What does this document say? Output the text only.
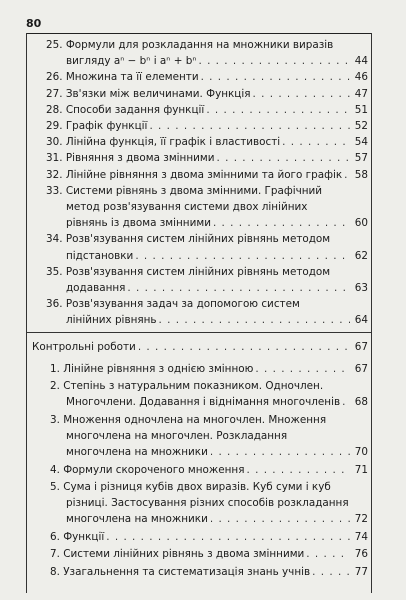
80
25. Формули для розкладання на множники виразів
вигляду aⁿ − bⁿ і aⁿ + bⁿ . . .	44
26. Множина та її елементи . . .	46
27. Зв'язки між величинами. Функція . . .	47
28. Способи задання функції . . .	51
29. Графік функції . . .	52
30. Лінійна функція, її графік і властивості . . .	54
31. Рівняння з двома змінними . . .	57
32. Лінійне рівняння з двома змінними та його графік . . . 58
33. Системи рівнянь з двома змінними. Графічний
метод розв'язування системи двох лінійних
рівнянь із двома змінними . . .	60
34. Розв'язування систем лінійних рівнянь методом
підстановки . . .	62
35. Розв'язування систем лінійних рівнянь методом
додавання . . .	63
36. Розв'язування задач за допомогою систем
лінійних рівнянь . . .	64
Контрольні роботи . . .	67
1. Лінійне рівняння з однією змінною . . .	67
2. Степінь з натуральним показником. Одночлен.
Многочлени. Додавання і віднімання многочленів . . . 68
3. Множення одночлена на многочлен. Множення
многочлена на многочлен. Розкладання
многочлена на множники . . .	70
4. Формули скороченого множення . . .	71
5. Сума і різниця кубів двох виразів. Куб суми і куб
різниці. Застосування різних способів розкладання
многочлена на множники . . .	72
6. Функції . . .	74
7. Системи лінійних рівнянь з двома змінними . . .	76
8. Узагальнення та систематизація знань учнів . . .	77
